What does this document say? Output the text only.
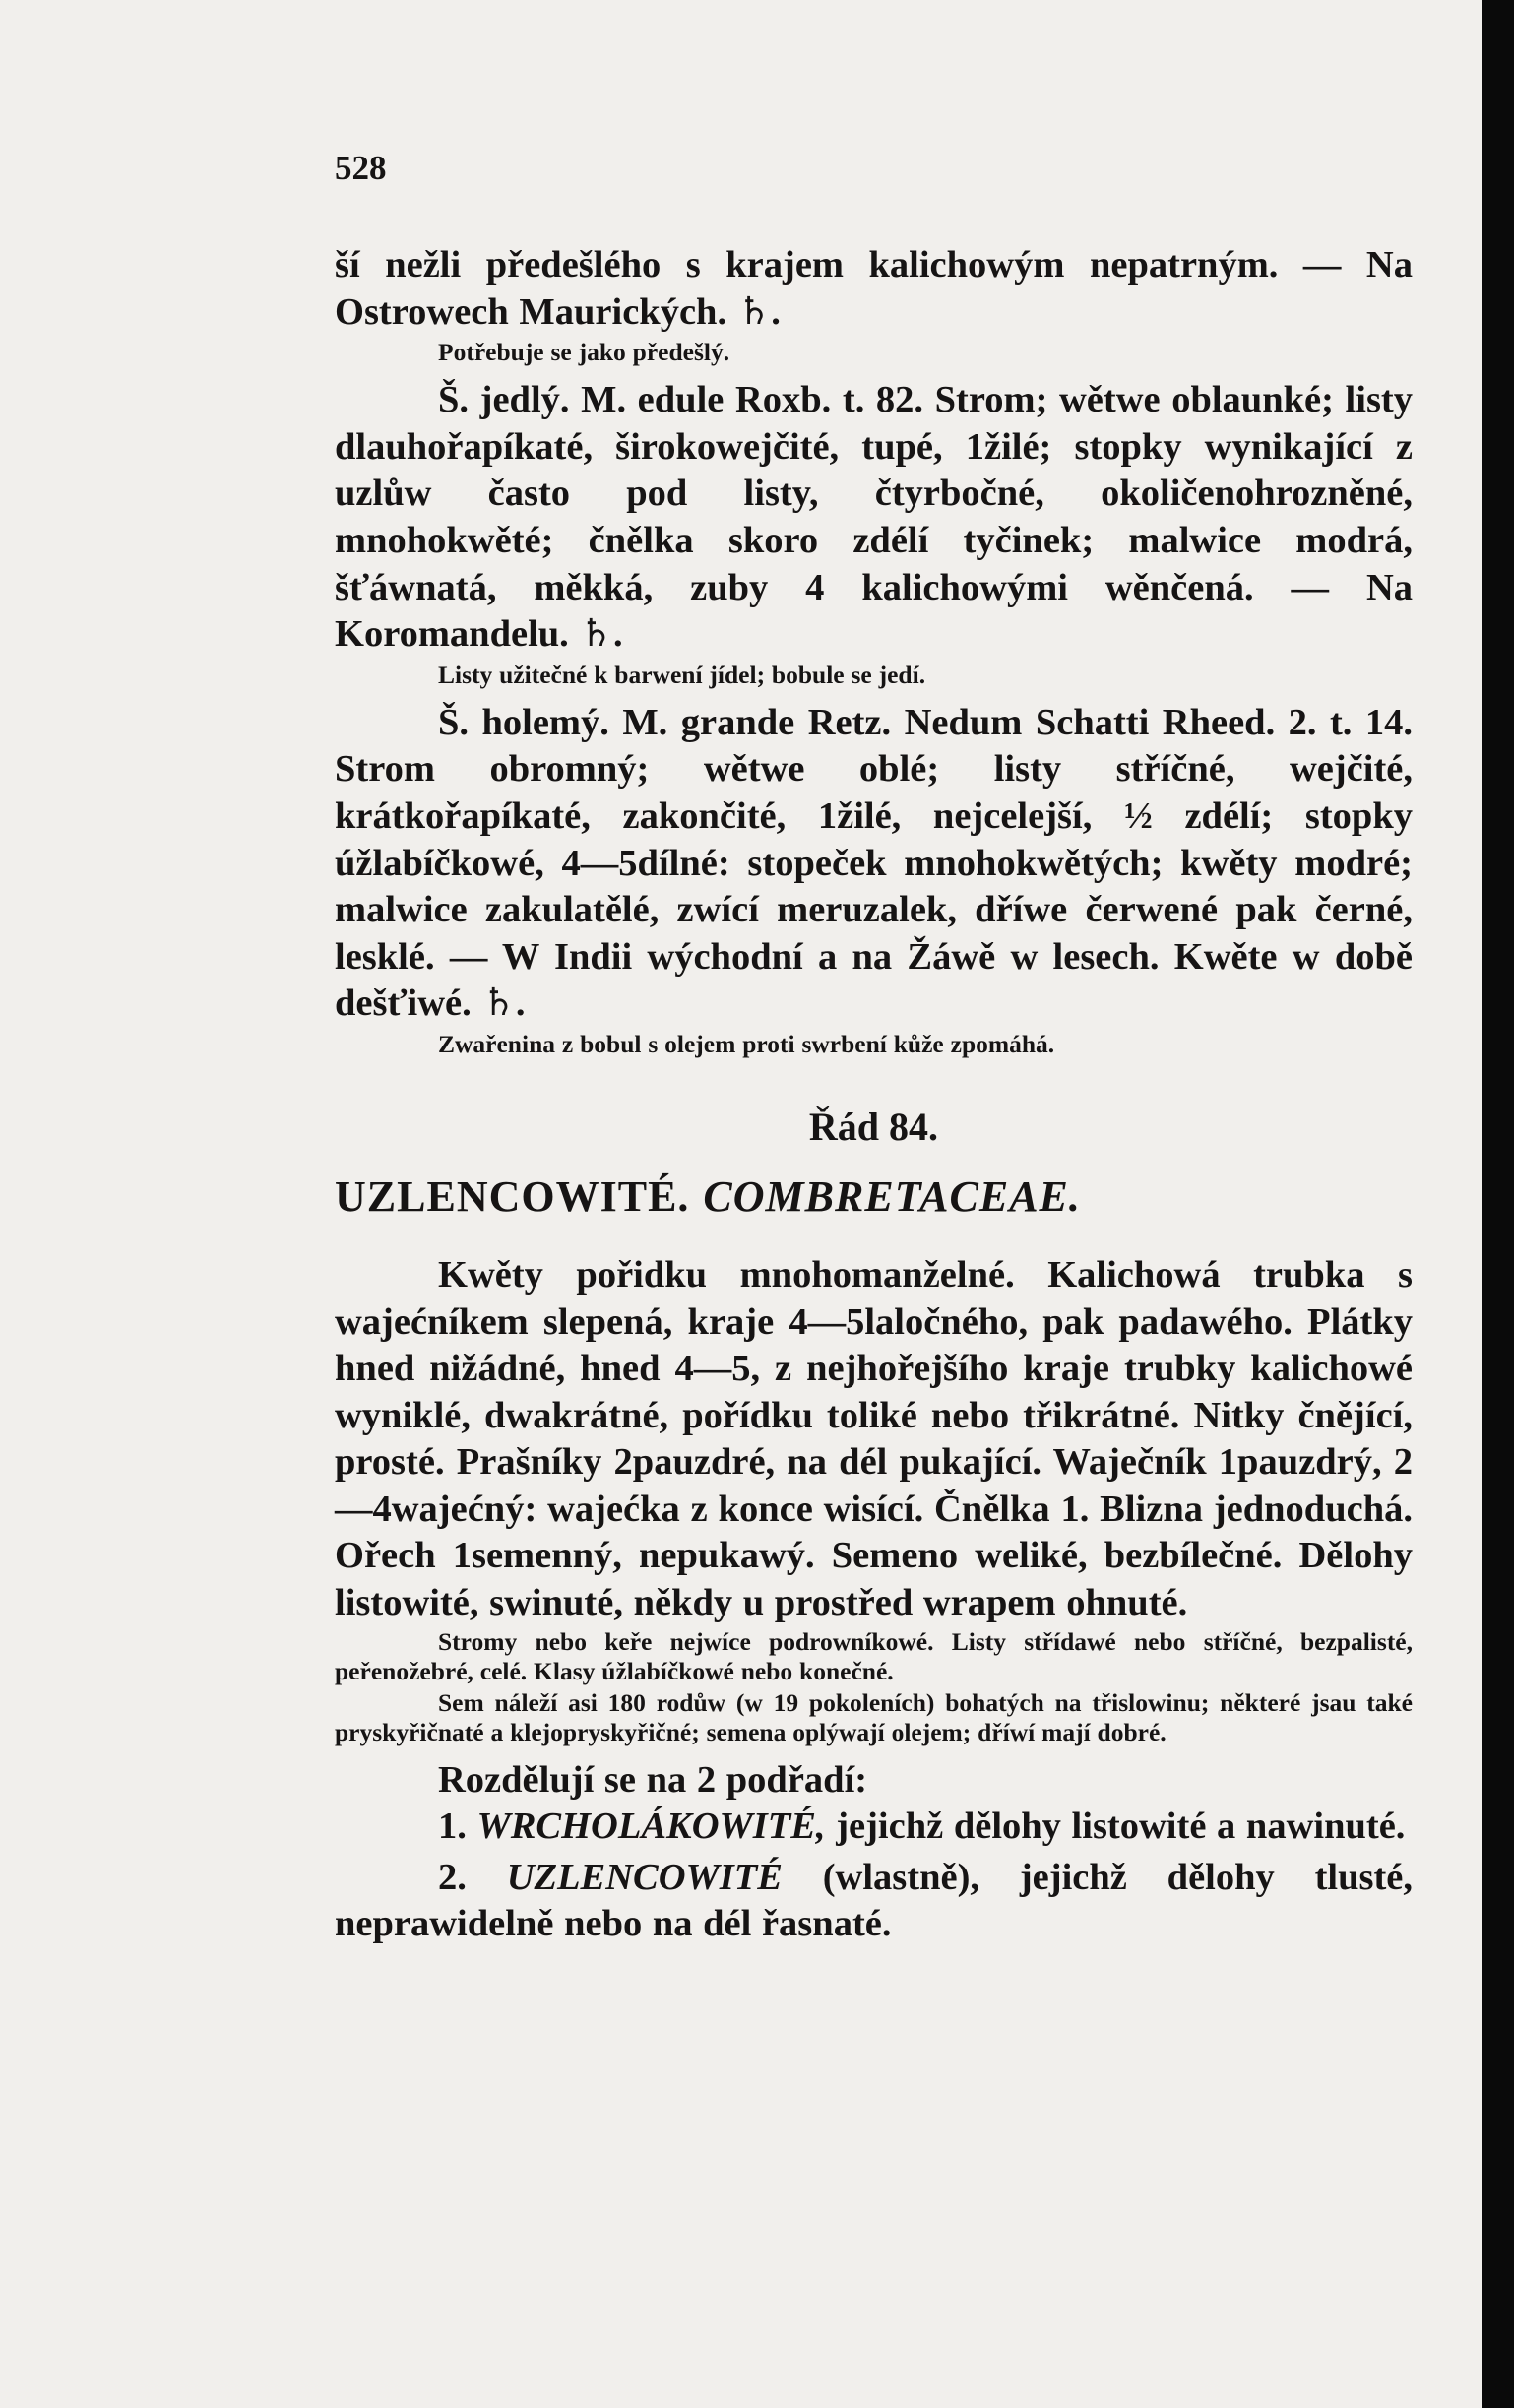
528

ší nežli předešlého s krajem kalichowým nepatrným. — Na Ostrowech Maurických. ♄.

Potřebuje se jako předešlý.

Š. jedlý. M. edule Roxb. t. 82. Strom; wětwe oblaunké; listy dlauhořapíkaté, širokowejčité, tupé, 1žilé; stopky wynikající z uzlůw často pod listy, čtyrbočné, okoličenohrozněné, mnohokwěté; čnělka skoro zdélí tyčinek; malwice modrá, šťáwnatá, měkká, zuby 4 kalichowými wěnčená. — Na Koromandelu. ♄.

Listy užitečné k barwení jídel; bobule se jedí.

Š. holemý. M. grande Retz. Nedum Schatti Rheed. 2. t. 14. Strom obromný; wětwe oblé; listy stříčné, wejčité, krátkořapíkaté, zakončité, 1žilé, nejcelejší, ½ zdélí; stopky úžlabíčkowé, 4—5dílné: stopeček mnohokwětých; kwěty modré; malwice zakulatělé, zwící meruzalek, dříwe čerwené pak černé, lesklé. — W Indii wýchodní a na Žáwě w lesech. Kwěte w době dešťiwé. ♄.

Zwařenina z bobul s olejem proti swrbení kůže zpomáhá.

Řád 84.
UZLENCOWITÉ. COMBRETACEAE.

Kwěty pořidku mnohomanželné. Kalichowá trubka s wajećníkem slepená, kraje 4—5laločného, pak padawého. Plátky hned nižádné, hned 4—5, z nejhořejšího kraje trubky kalichowé wyniklé, dwakrátné, pořídku toliké nebo třikrátné. Nitky čnějící, prosté. Prašníky 2pauzdré, na dél pukající. Waječník 1pauzdrý, 2—4wajećný: wajećka z konce wisící. Čnělka 1. Blizna jednoduchá. Ořech 1semenný, nepukawý. Semeno weliké, bezbílečné. Dělohy listowité, swinuté, někdy u prostřed wrapem ohnuté.

Stromy nebo keře nejwíce podrowníkowé. Listy střídawé nebo stříčné, bezpalisté, peřenožebré, celé. Klasy úžlabíčkowé nebo konečné.

Sem náleží asi 180 rodůw (w 19 pokoleních) bohatých na třislowinu; některé jsau také pryskyřičnaté a klejopryskyřičné; semena oplýwají olejem; dříwí mají dobré.

Rozdělují se na 2 podřadí:

1. WRCHOLÁKOWITÉ, jejichž dělohy listowité a nawinuté.

2. UZLENCOWITÉ (wlastně), jejichž dělohy tlusté, neprawidelně nebo na dél řasnaté.
